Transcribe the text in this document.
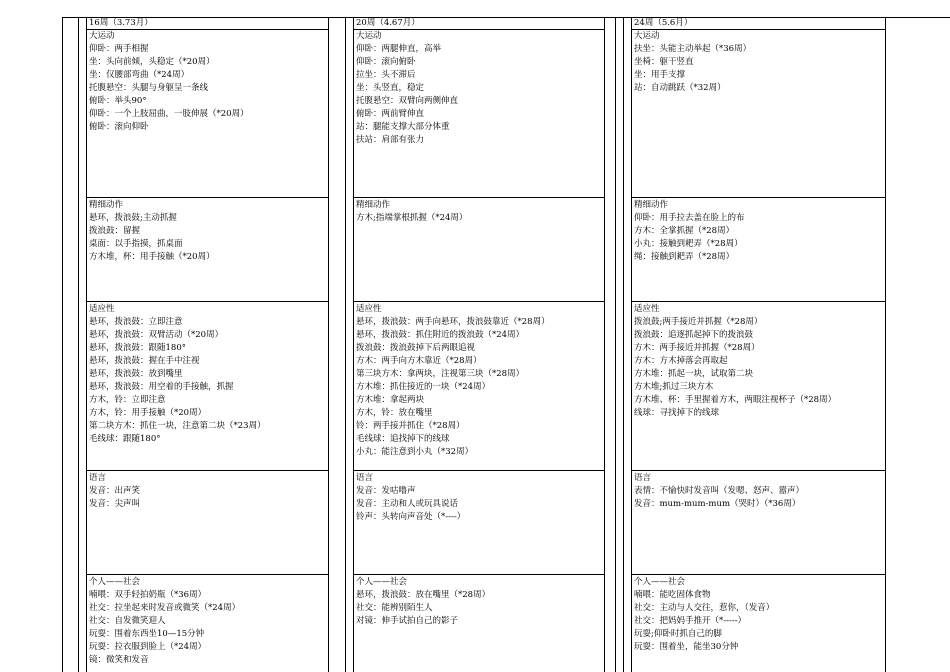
16周（3.73月）
大运动
仰卧：两手相握
坐：头向前倾，头稳定（*20周）
坐：仅腰部弯曲（*24周）
托腹悬空：头腿与身躯呈一条线
俯卧：举头90°
仰卧：一个上肢屈曲，一肢伸展（*20周）
俯卧：滚向仰卧
精细动作
悬环，拨浪鼓;主动抓握
拨浪鼓：留握
桌面：以手指摸，抓桌面
方木堆，杯：用手接触（*20周）
适应性
悬环，拨浪鼓：立即注意
悬环，拨浪鼓：双臂活动（*20周）
悬环，拨浪鼓：跟随180°
悬环，拨浪鼓：握在手中注视
悬环，拨浪鼓：放到嘴里
悬环，拨浪鼓：用空着的手接触，抓握
方木，铃：立即注意
方木，铃：用手接触（*20周）
第二块方木：抓住一块，注意第二块（*23周）
毛线球：跟随180°
语言
发音：出声笑
发音：尖声叫
个人——社会
喃喂：双手轻拍奶瓶（*36周）
社交：拉坐起来时发音或微笑（*24周）
社交：自发微笑迎人
玩耍：围着东西坐10—15分钟
玩耍：拉衣服到脸上（*24周）
镜：微笑和发音
20周（4.67月）
大运动
仰卧：两腿伸直，高举
仰卧：滚向俯卧
拉坐：头不滞后
坐：头竖直，稳定
托腹悬空：双臂向两侧伸直
俯卧：两前臂伸直
站：腿能支撑大部分体重
扶站：肩部有张力
精细动作
方木;指端掌根抓握（*24周）
适应性
悬环，拨浪鼓：两手向悬环，拨浪鼓靠近（*28周）
悬环，拨浪鼓：抓住附近的拨浪鼓（*24周）
拨浪鼓：拨浪鼓掉下后两眼追视
方木：两手向方木靠近（*28周）
第三块方木：拿两块，注视第三块（*28周）
方木堆：抓住接近的一块（*24周）
方木堆：拿起两块
方木，铃：放在嘴里
铃：两手接并抓住（*28周）
毛线球：追找掉下的线球
小丸：能注意到小丸（*32周）
语言
发音：发咕噜声
发音：主动和人或玩具说话
铃声：头转向声音处（*----）
个人——社会
悬环，拨浪鼓：放在嘴里（*28周）
社交：能辨别陌生人
对镜：伸手试拍自己的影子
24周（5.6月）
大运动
扶坐：头能主动举起（*36周）
坐椅：躯干竖直
坐：用手支撑
站：自动跳跃（*32周）
精细动作
仰卧：用手拉去盖在脸上的布
方木：全掌抓握（*28周）
小丸：接触到耙弄（*28周）
绳：接触到耙弄（*28周）
适应性
拨浪鼓;两手接近并抓握（*28周）
拨浪鼓：追逐抓起掉下的拨浪鼓
方木：两手接近并抓握（*28周）
方木：方木掉落会再取起
方木堆：抓起一块，试取第二块
方木堆;抓过三块方木
方木堆、杯：手里握着方木，两眼注视杯子（*28周）
线球：寻找掉下的线球
语言
表情：不愉快时发音叫（发嗯、怒声、嚣声）
发音：mum-mum-mum（哭时）（*36周）
个人——社会
喃喂：能吃固体食物
社交：主动与人交往，惹你，（发音）
社交：把妈妈手推开（*-----）
玩耍;仰卧时抓自己的脚
玩耍：围着坐，能坐30分钟
